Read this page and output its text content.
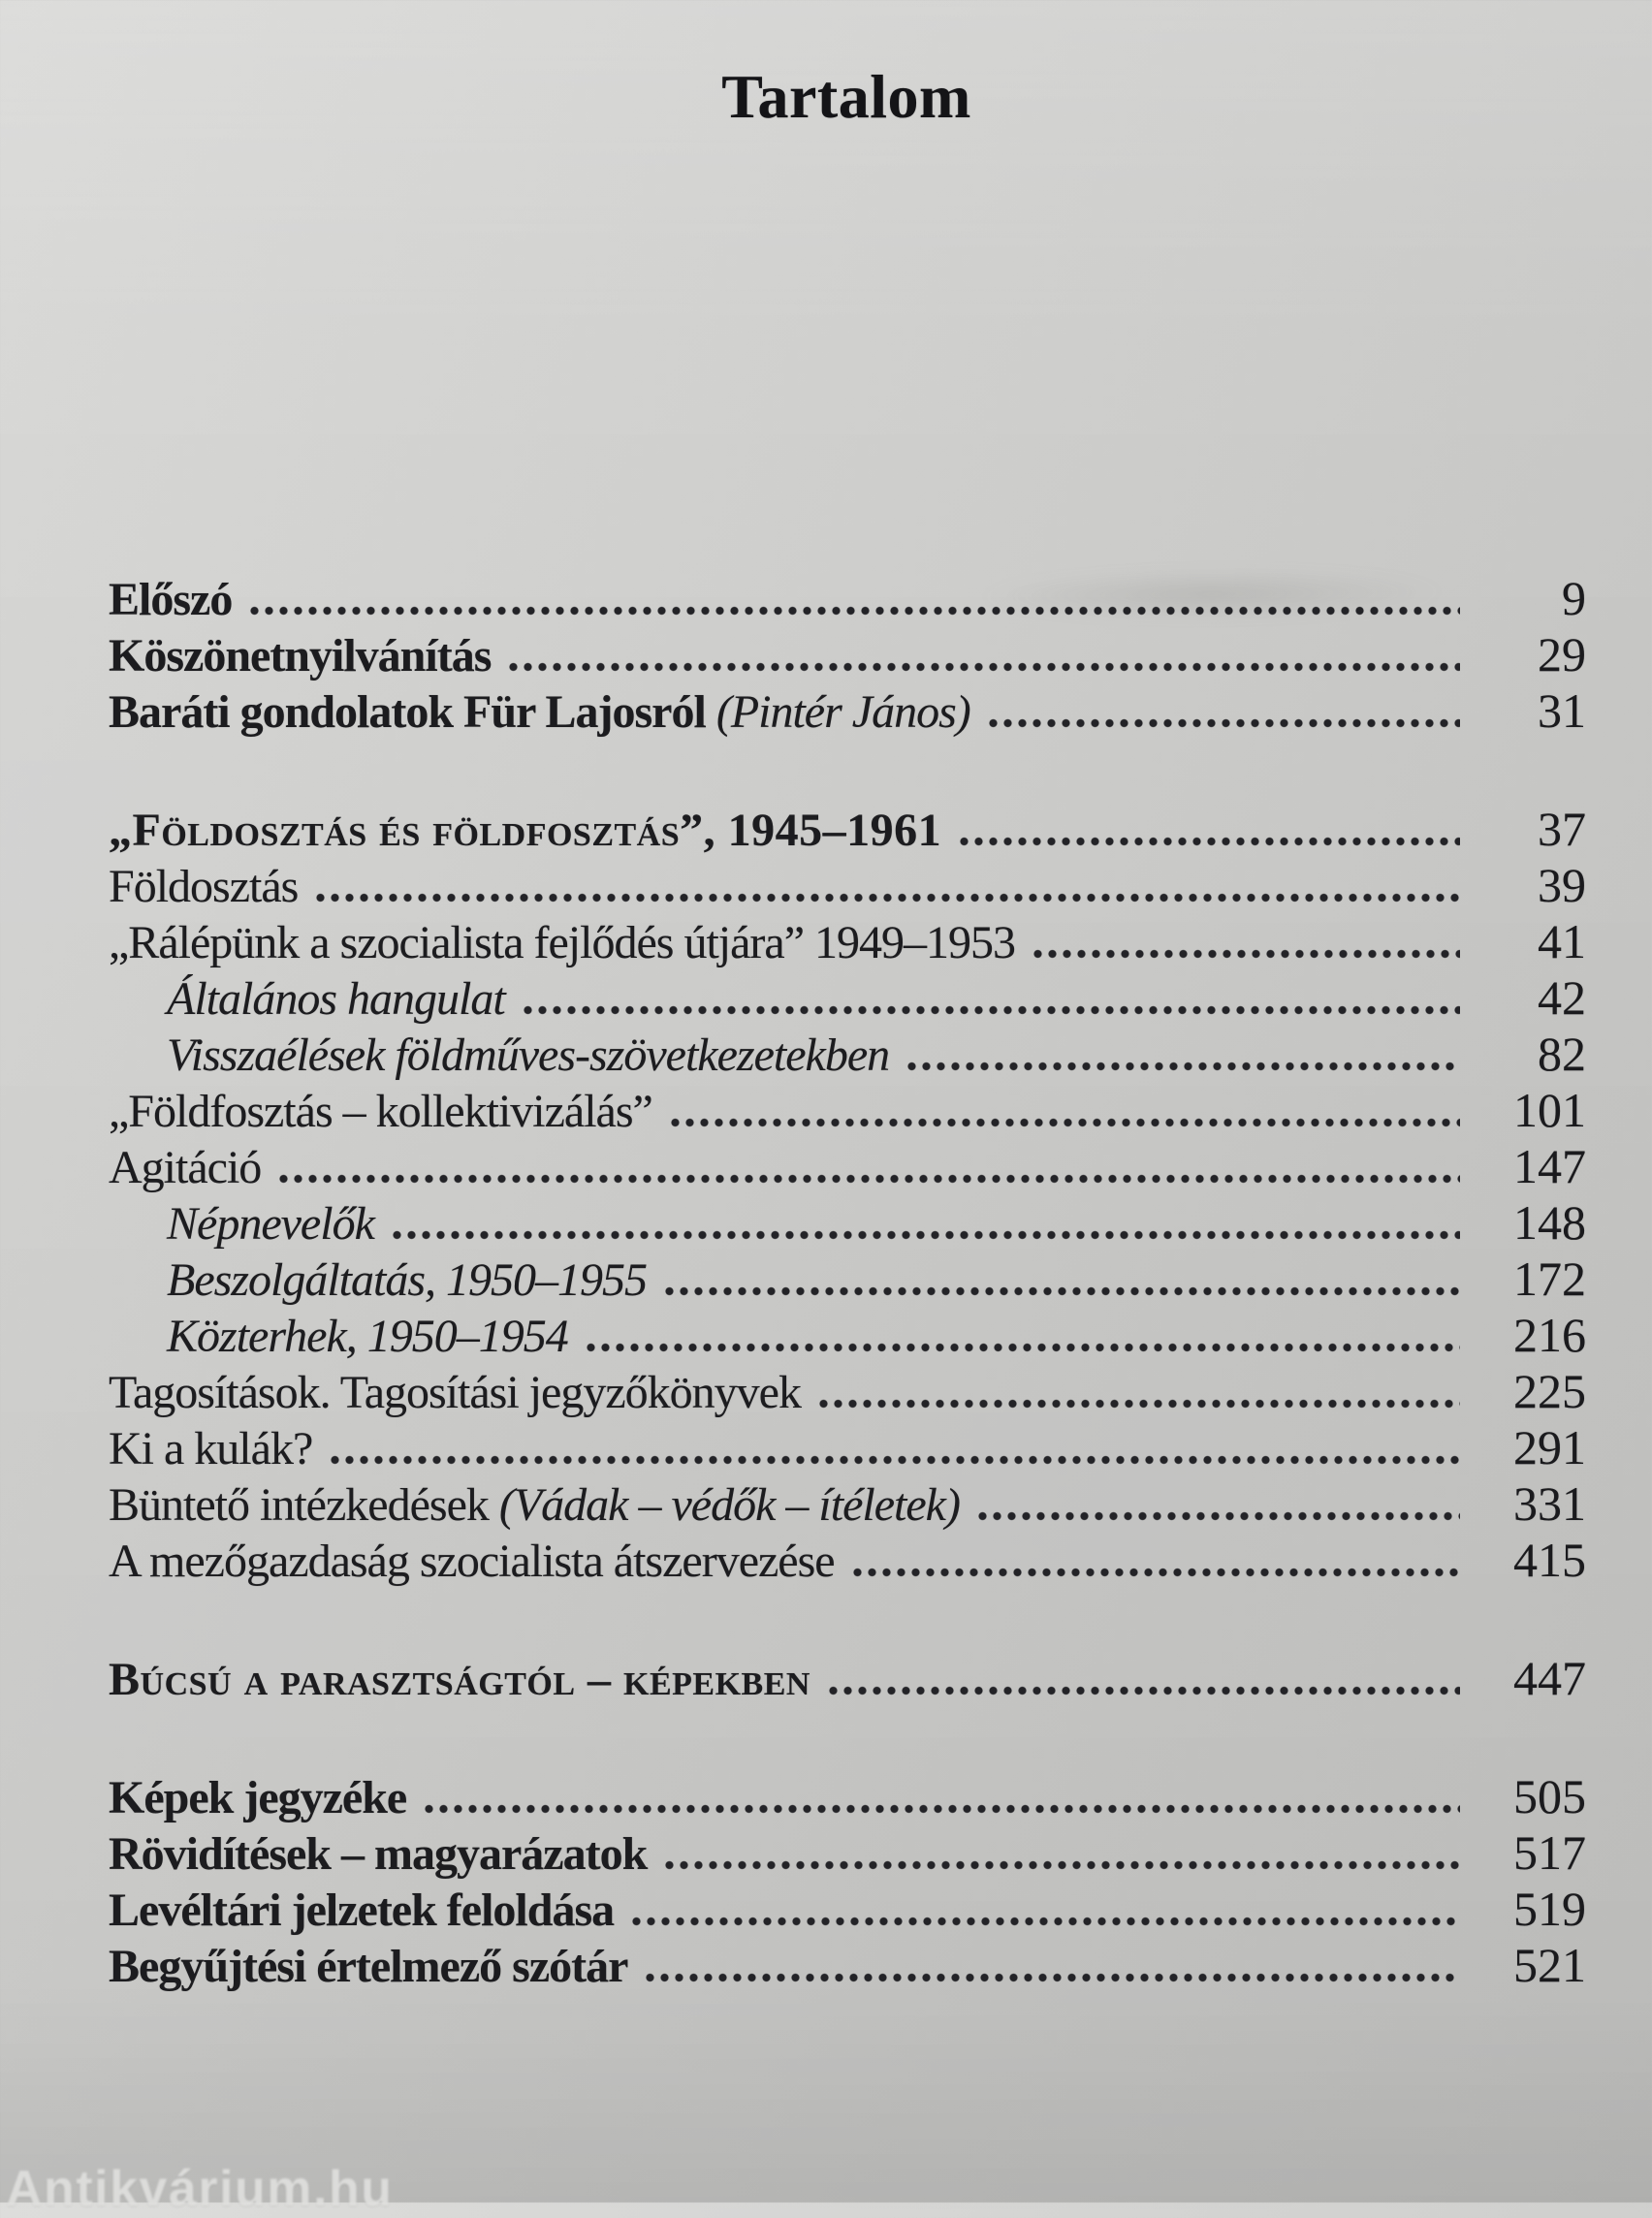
Tartalom
Előszó	9
Köszönetnyilvánítás	29
Baráti gondolatok Für Lajosról (Pintér János)	31
„Földosztás és földfosztás”, 1945–1961	37
Földosztás	39
„Rálépünk a szocialista fejlődés útjára” 1949–1953	41
Általános hangulat	42
Visszaélések földműves-szövetkezetekben	82
„Földfosztás – kollektivizálás”	101
Agitáció	147
Népnevelők	148
Beszolgáltatás, 1950–1955	172
Közterhek, 1950–1954	216
Tagosítások. Tagosítási jegyzőkönyvek	225
Ki a kulák?	291
Büntető intézkedések (Vádak – védők – ítéletek)	331
A mezőgazdaság szocialista átszervezése	415
Búcsú a parasztságtól – képekben	447
Képek jegyzéke	505
Rövidítések – magyarázatok	517
Levéltári jelzetek feloldása	519
Begyűjtési értelmező szótár	521
Antikvárium.hu
